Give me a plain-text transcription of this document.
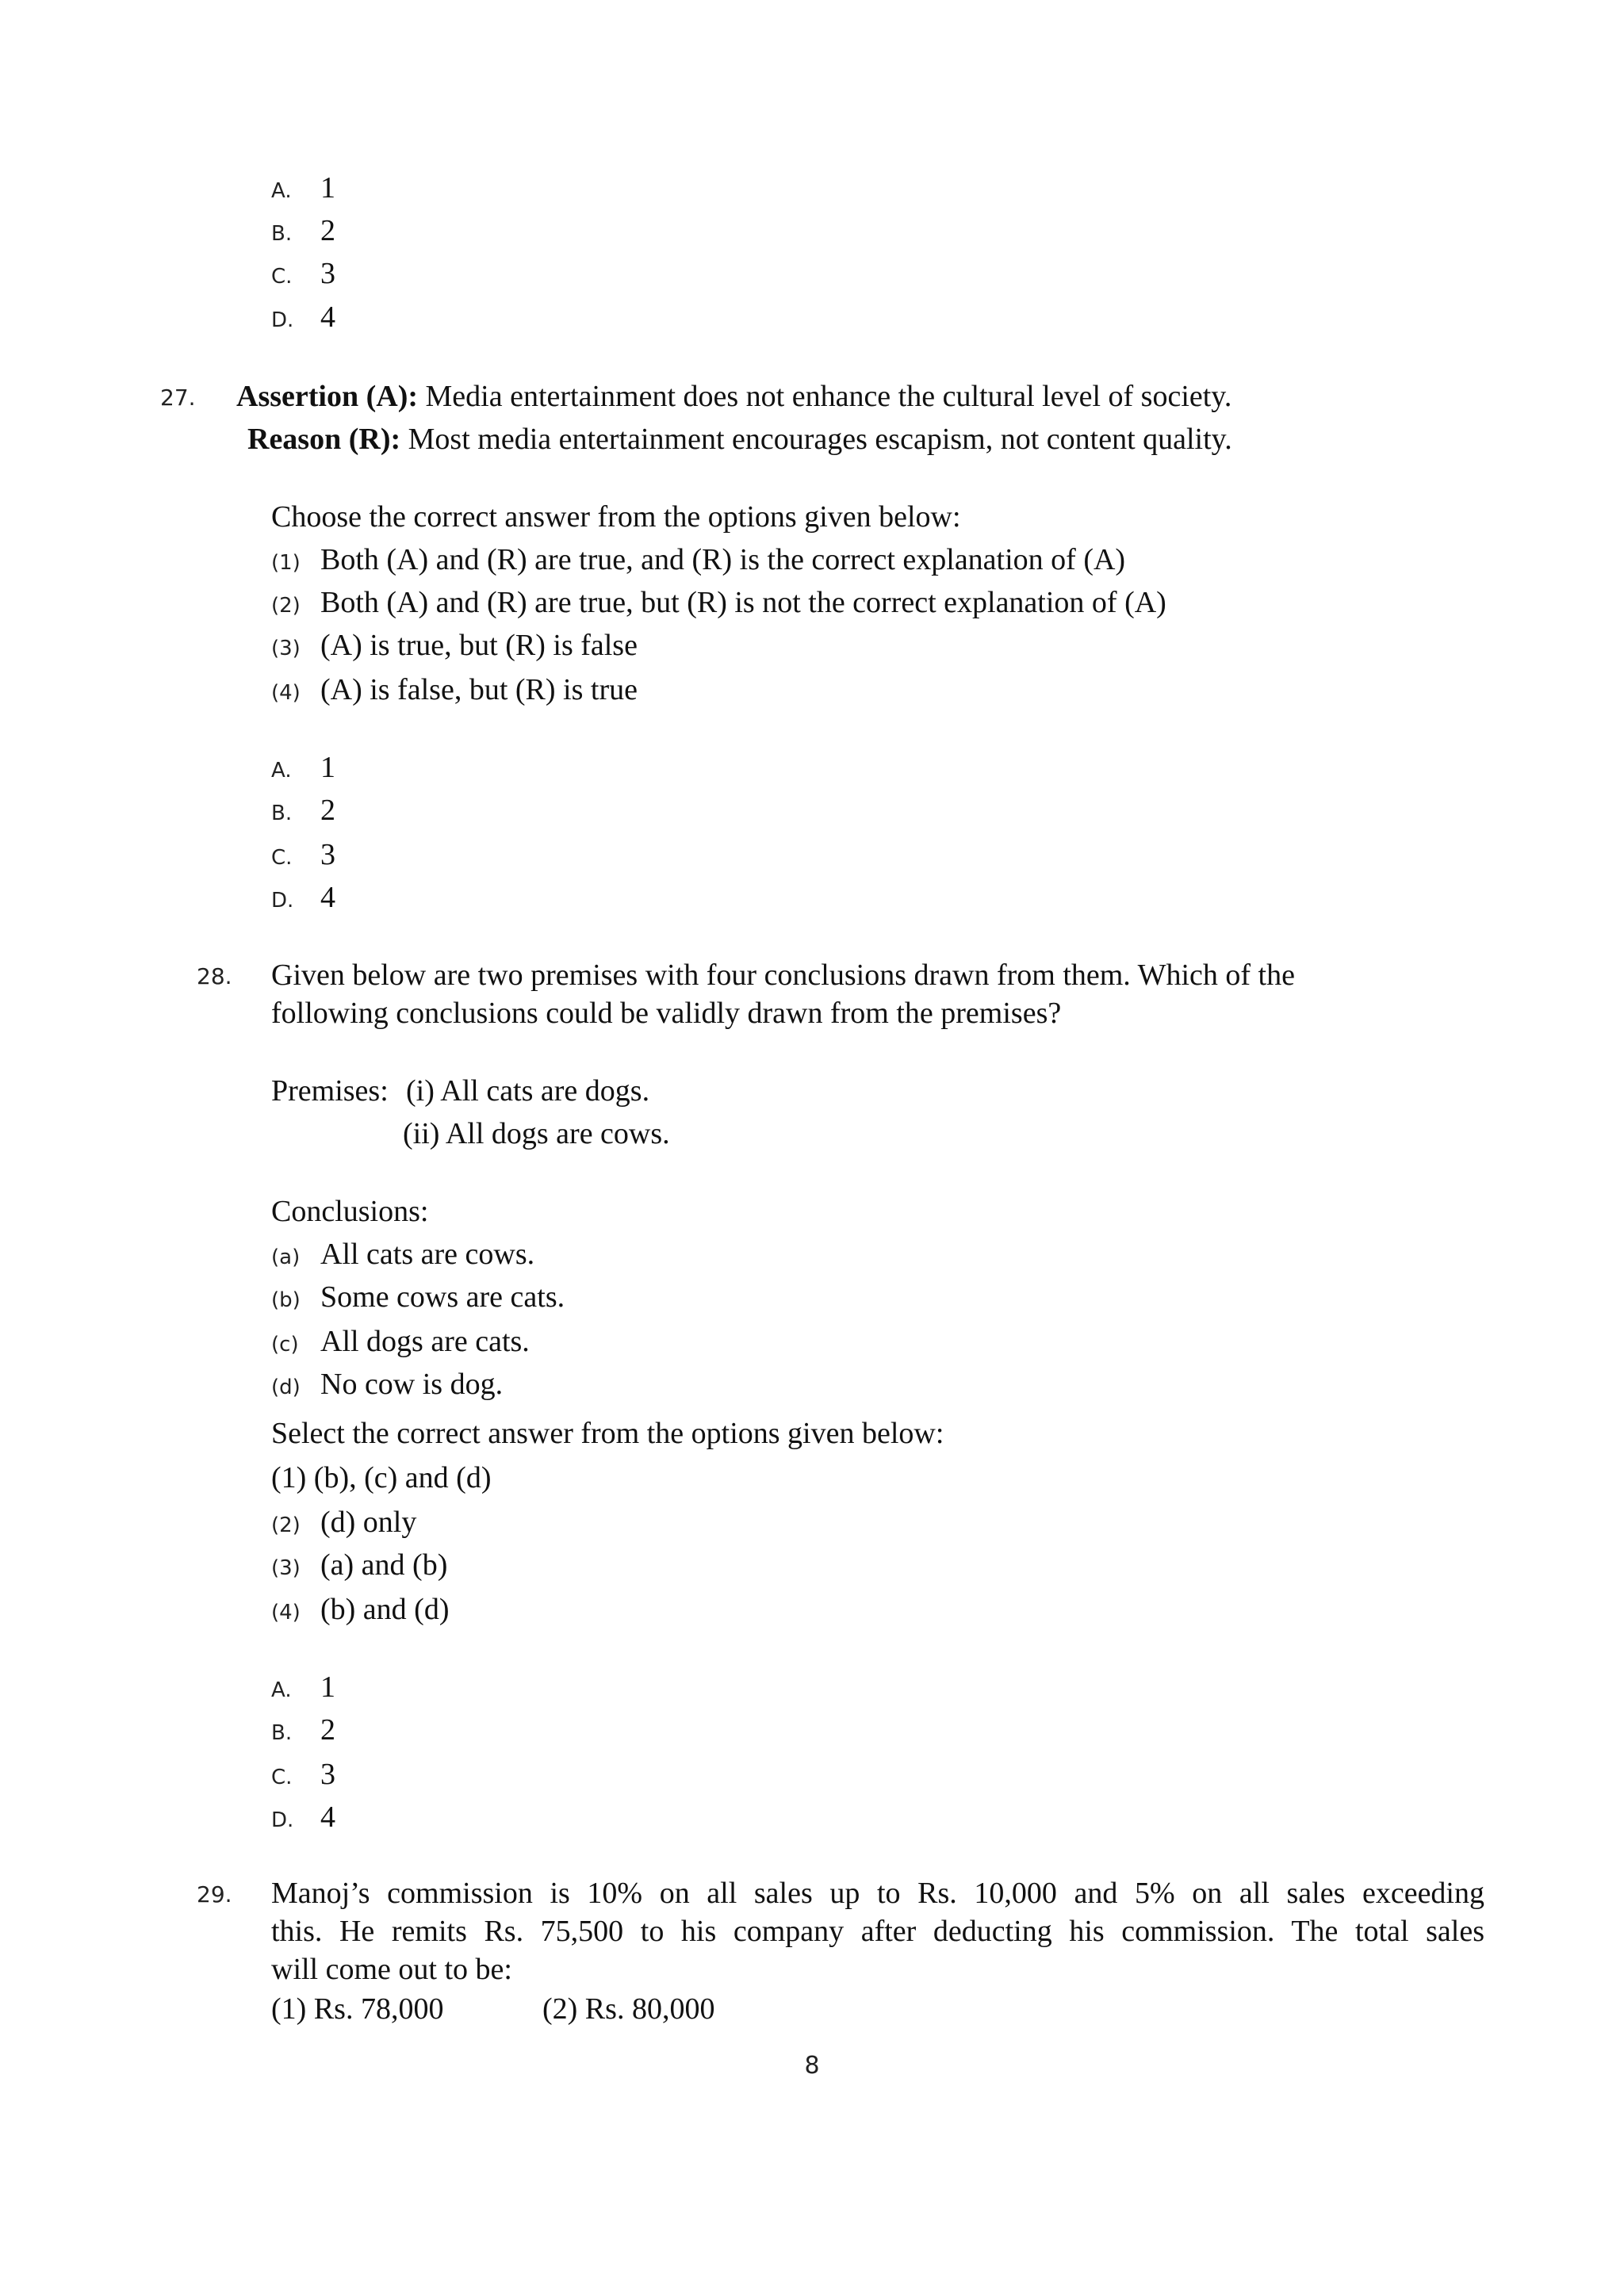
A. 1
B. 2
C. 3
D. 4
27. Assertion (A): Media entertainment does not enhance the cultural level of society.
Reason (R): Most media entertainment encourages escapism, not content quality.
Choose the correct answer from the options given below:
(1) Both (A) and (R) are true, and (R) is the correct explanation of (A)
(2) Both (A) and (R) are true, but (R) is not the correct explanation of (A)
(3) (A) is true, but (R) is false
(4) (A) is false, but (R) is true
A. 1
B. 2
C. 3
D. 4
28. Given below are two premises with four conclusions drawn from them. Which of the
following conclusions could be validly drawn from the premises?
Premises: (i) All cats are dogs.
(ii) All dogs are cows.
Conclusions:
(a) All cats are cows.
(b) Some cows are cats.
(c) All dogs are cats.
(d) No cow is dog.
Select the correct answer from the options given below:
(1) (b), (c) and (d)
(2) (d) only
(3) (a) and (b)
(4) (b) and (d)
A. 1
B. 2
C. 3
D. 4
29. Manoj’s commission is 10% on all sales up to Rs. 10,000 and 5% on all sales exceeding
this. He remits Rs. 75,500 to his company after deducting his commission. The total sales
will come out to be:
(1) Rs. 78,000	(2) Rs. 80,000
8
